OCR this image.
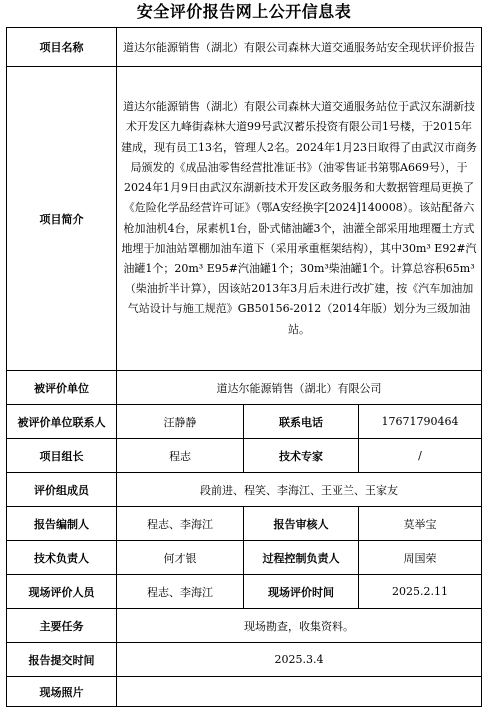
安全评价报告网上公开信息表
项目名称	道达尔能源销售（湖北）有限公司森林大道交通服务站安全现状评价报告		
项目简介	道达尔能源销售（湖北）有限公司森林大道交通服务站位于武汉东湖新技术开发区九峰街森林大道99号武汉蓄乐投资有限公司1号楼，于2015年建成，现有员工13名，管理人2名。2024年1月23日取得了由武汉市商务局颁发的《成品油零售经营批准证书》（油零售证书第鄂A669号），于2024年1月9日由武汉东湖新技术开发区政务服务和大数据管理局更换了《危险化学品经营许可证》（鄂A安经换字[2024]140008）。该站配备六枪加油机4台，尿素机1台，卧式储油罐3个，油灌全部采用地理覆土方式地埋于加油站罩棚加油车道下（采用承重框架结构），其中30m³ E92#汽油罐1个；20m³ E95#汽油罐1个；30m³柴油罐1个。计算总容积65m³（柴油折半计算），因该站2013年3月后未进行改扩建，按《汽车加油加气站设计与施工规范》GB50156-2012（2014年版）划分为三级加油站。		
被评价单位	道达尔能源销售（湖北）有限公司		
被评价单位联系人	汪静静	联系电话	17671790464
项目组长	程志	技术专家	/
评价组成员	段前进、程笑、李海江、王亚兰、王家友		
报告编制人	程志、李海江	报告审核人	莫举宝
技术负责人	何才银	过程控制负责人	周国荣
现场评价人员	程志、李海江	现场评价时间	2025.2.11
主要任务	现场勘查，收集资料。		
报告提交时间	2025.3.4		
现场照片			
